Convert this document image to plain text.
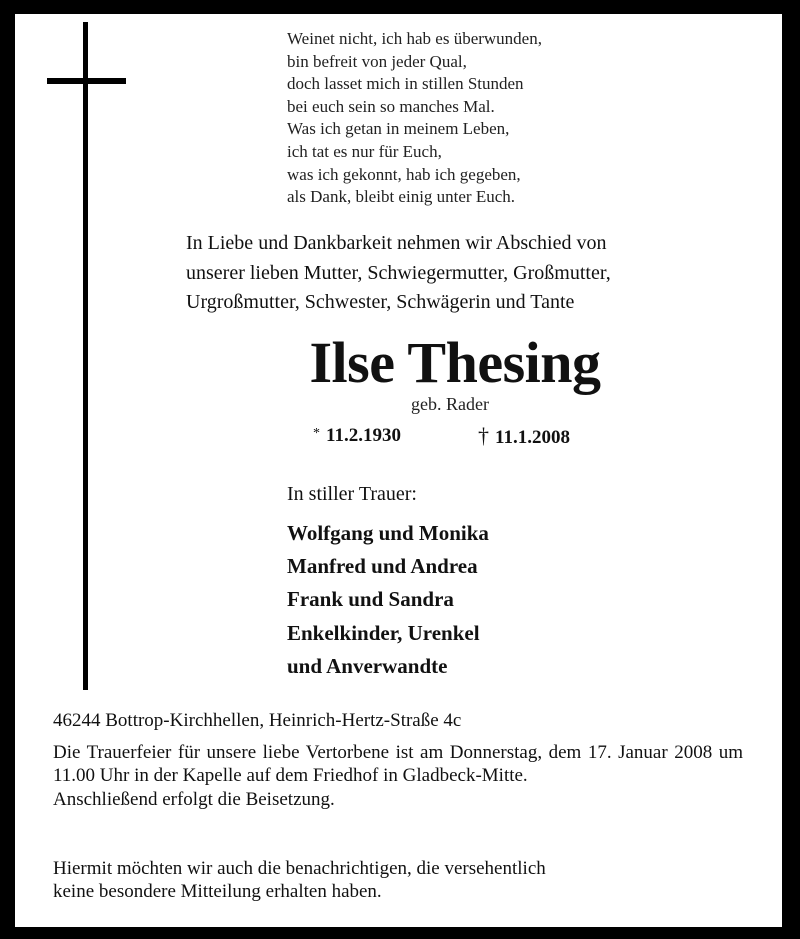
Weinet nicht, ich hab es überwunden,
bin befreit von jeder Qual,
doch lasset mich in stillen Stunden
bei euch sein so manches Mal.
Was ich getan in meinem Leben,
ich tat es nur für Euch,
was ich gekonnt, hab ich gegeben,
als Dank, bleibt einig unter Euch.
In Liebe und Dankbarkeit nehmen wir Abschied von
unserer lieben Mutter, Schwiegermutter, Großmutter,
Urgroßmutter, Schwester, Schwägerin und Tante
Ilse Thesing
geb. Rader
* 11.2.1930	† 11.1.2008
In stiller Trauer:
Wolfgang und Monika
Manfred und Andrea
Frank und Sandra
Enkelkinder, Urenkel
und Anverwandte
46244 Bottrop-Kirchhellen, Heinrich-Hertz-Straße 4c

Die Trauerfeier für unsere liebe Vertorbene ist am Donnerstag, dem 17. Januar 2008 um 11.00 Uhr in der Kapelle auf dem Friedhof in Gladbeck-Mitte.

Anschließend erfolgt die Beisetzung.

Hiermit möchten wir auch die benachrichtigen, die versehentlich
keine besondere Mitteilung erhalten haben.
